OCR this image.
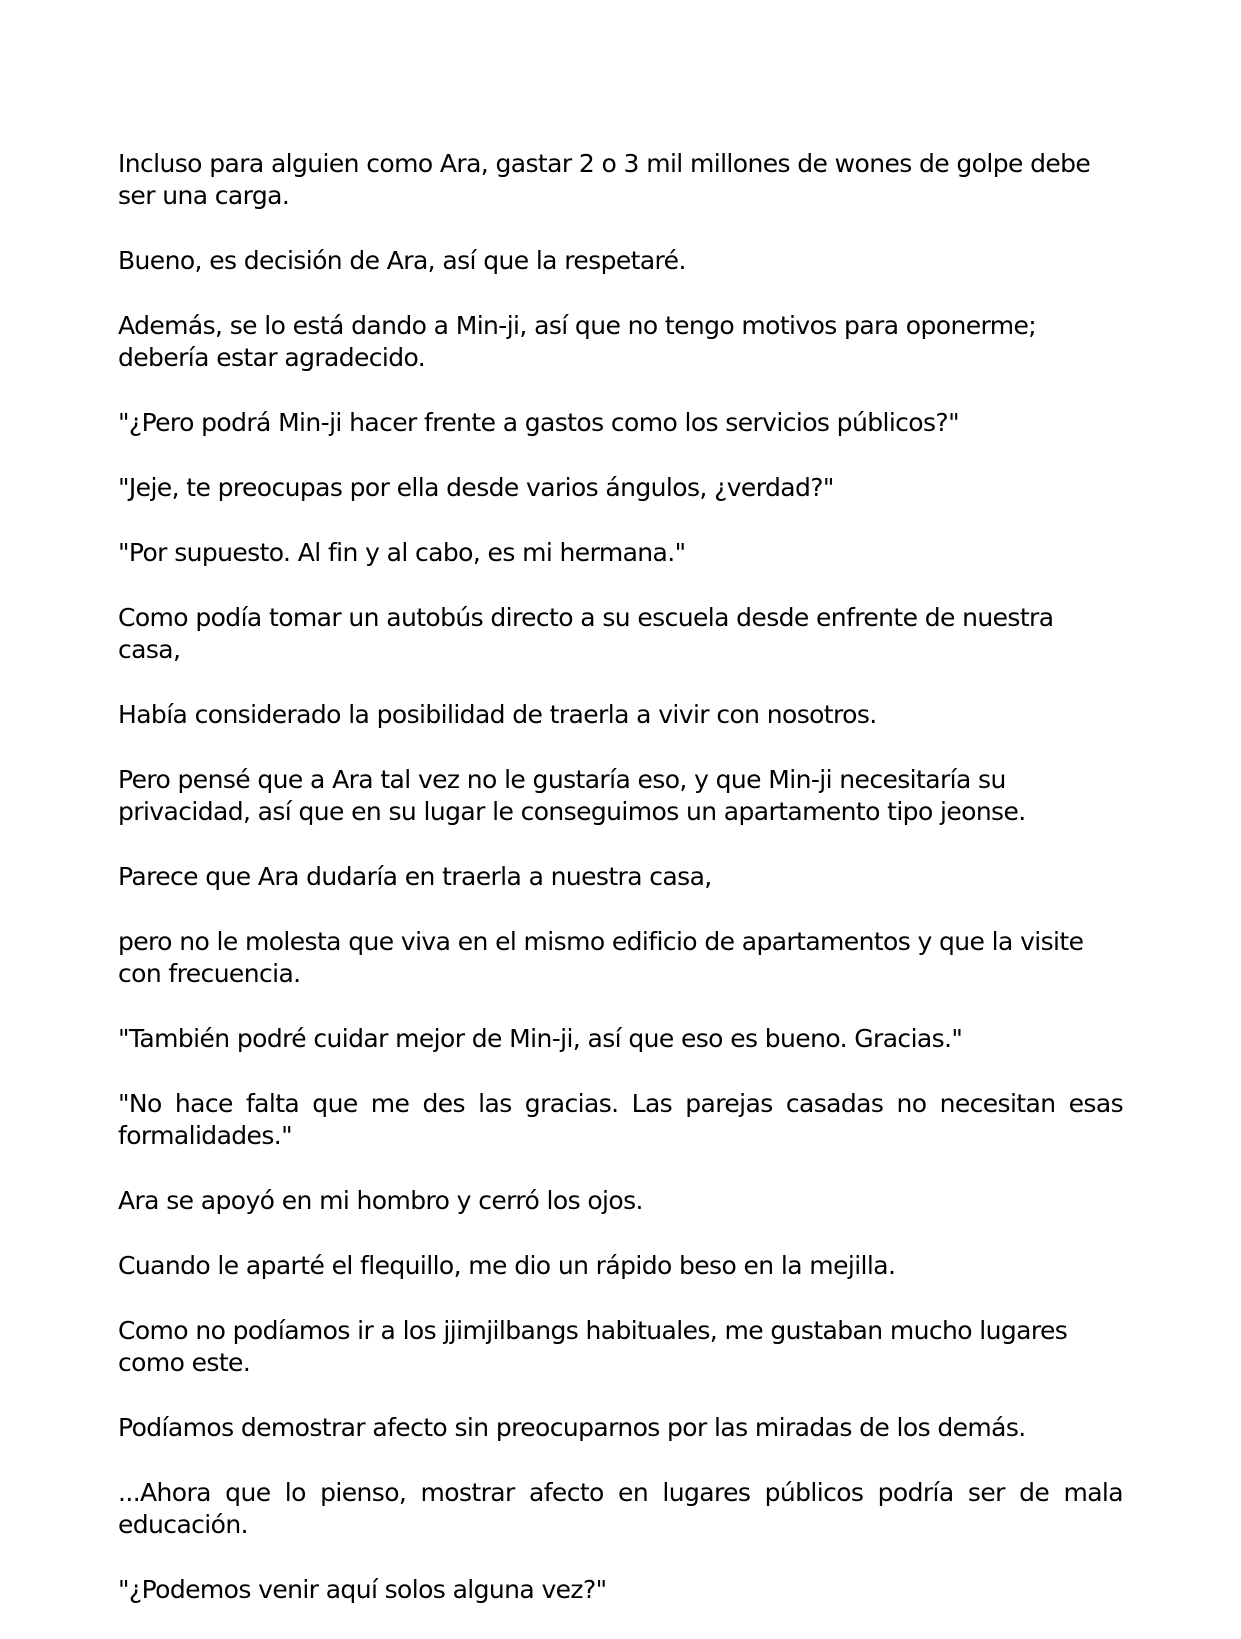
Incluso para alguien como Ara, gastar 2 o 3 mil millones de wones de golpe debe ser una carga.

Bueno, es decisión de Ara, así que la respetaré.

Además, se lo está dando a Min-ji, así que no tengo motivos para oponerme; debería estar agradecido.

"¿Pero podrá Min-ji hacer frente a gastos como los servicios públicos?"

"Jeje, te preocupas por ella desde varios ángulos, ¿verdad?"

"Por supuesto. Al fin y al cabo, es mi hermana."

Como podía tomar un autobús directo a su escuela desde enfrente de nuestra casa,

Había considerado la posibilidad de traerla a vivir con nosotros.

Pero pensé que a Ara tal vez no le gustaría eso, y que Min-ji necesitaría su privacidad, así que en su lugar le conseguimos un apartamento tipo jeonse.

Parece que Ara dudaría en traerla a nuestra casa,

pero no le molesta que viva en el mismo edificio de apartamentos y que la visite con frecuencia.

"También podré cuidar mejor de Min-ji, así que eso es bueno. Gracias."

"No hace falta que me des las gracias. Las parejas casadas no necesitan esas formalidades."

Ara se apoyó en mi hombro y cerró los ojos.

Cuando le aparté el flequillo, me dio un rápido beso en la mejilla.

Como no podíamos ir a los jjimjilbangs habituales, me gustaban mucho lugares como este.

Podíamos demostrar afecto sin preocuparnos por las miradas de los demás.

...Ahora que lo pienso, mostrar afecto en lugares públicos podría ser de mala educación.

"¿Podemos venir aquí solos alguna vez?"
